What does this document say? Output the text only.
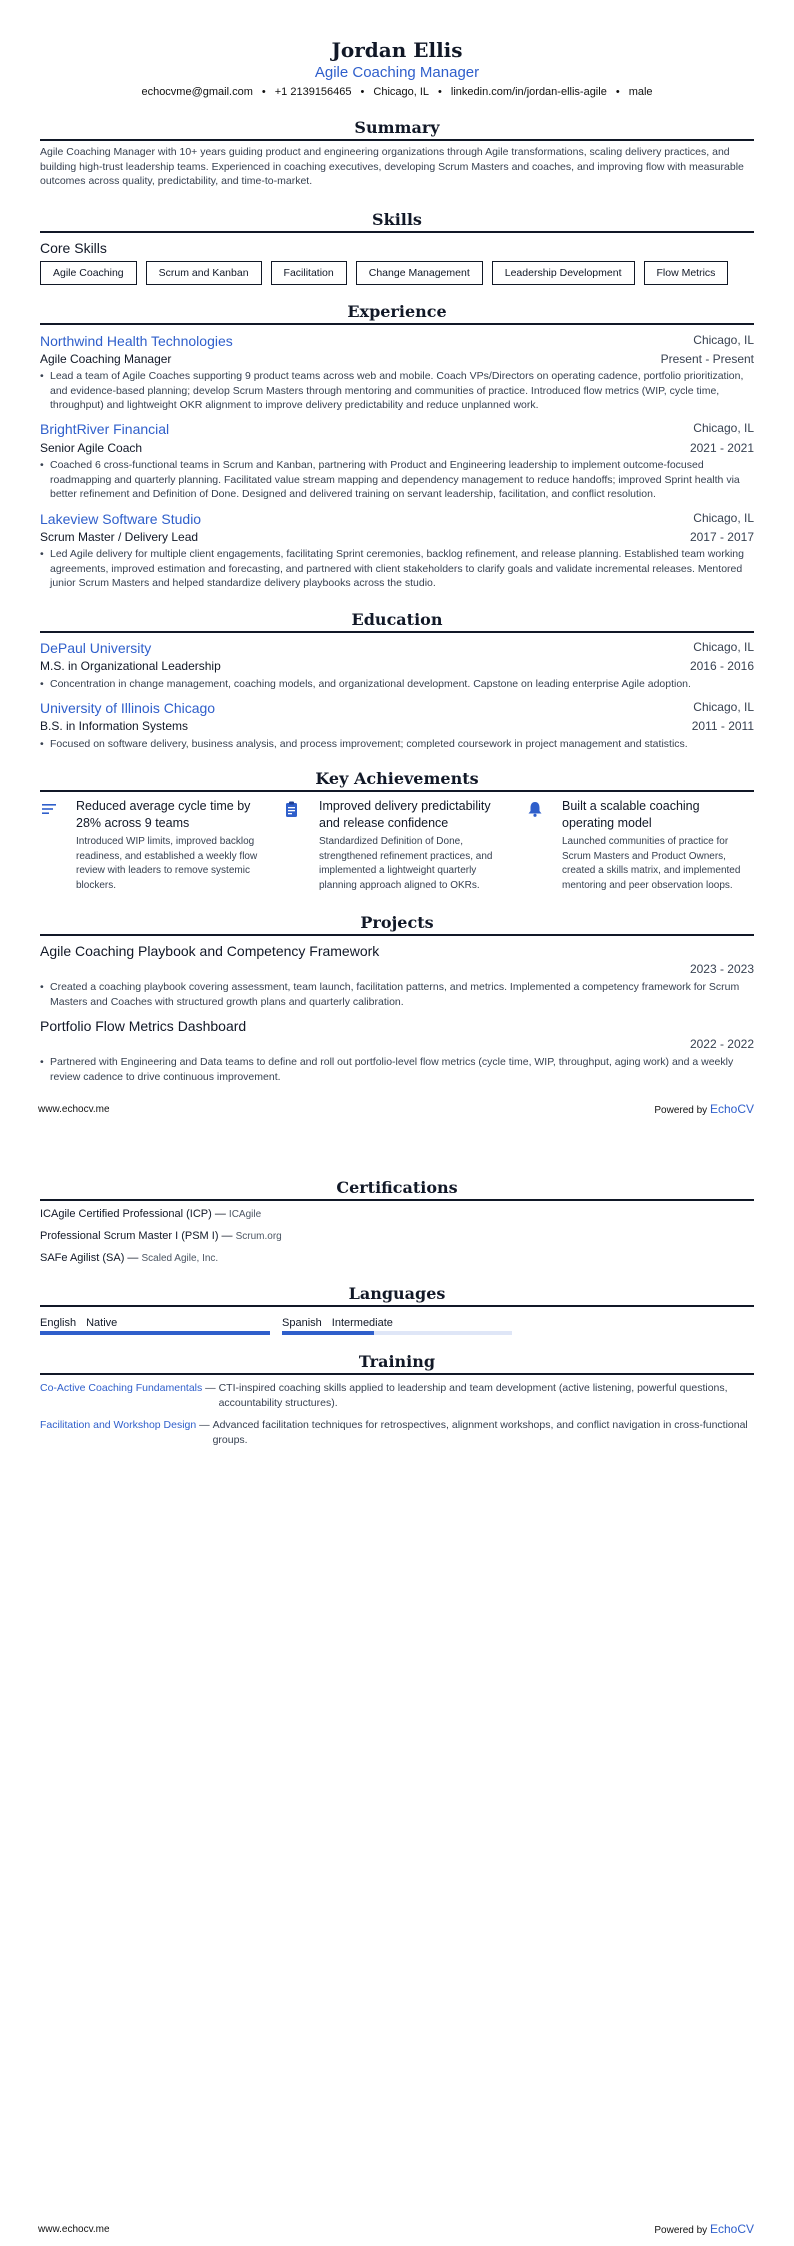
Jordan Ellis
Agile Coaching Manager
echocvme@gmail.com • +1 2139156465 • Chicago, IL • linkedin.com/in/jordan-ellis-agile • male
Summary
Agile Coaching Manager with 10+ years guiding product and engineering organizations through Agile transformations, scaling delivery practices, and building high-trust leadership teams. Experienced in coaching executives, developing Scrum Masters and coaches, and improving flow with measurable outcomes across quality, predictability, and time-to-market.
Skills
Core Skills
Agile Coaching	Scrum and Kanban	Facilitation	Change Management	Leadership Development	Flow Metrics
Experience
Northwind Health Technologies	Chicago, IL
Agile Coaching Manager	Present - Present
• Lead a team of Agile Coaches supporting 9 product teams across web and mobile. Coach VPs/Directors on operating cadence, portfolio prioritization, and evidence-based planning; develop Scrum Masters through mentoring and communities of practice. Introduced flow metrics (WIP, cycle time, throughput) and lightweight OKR alignment to improve delivery predictability and reduce unplanned work.
BrightRiver Financial	Chicago, IL
Senior Agile Coach	2021 - 2021
• Coached 6 cross-functional teams in Scrum and Kanban, partnering with Product and Engineering leadership to implement outcome-focused roadmapping and quarterly planning. Facilitated value stream mapping and dependency management to reduce handoffs; improved Sprint health via better refinement and Definition of Done. Designed and delivered training on servant leadership, facilitation, and conflict resolution.
Lakeview Software Studio	Chicago, IL
Scrum Master / Delivery Lead	2017 - 2017
• Led Agile delivery for multiple client engagements, facilitating Sprint ceremonies, backlog refinement, and release planning. Established team working agreements, improved estimation and forecasting, and partnered with client stakeholders to clarify goals and validate incremental releases. Mentored junior Scrum Masters and helped standardize delivery playbooks across the studio.
Education
DePaul University	Chicago, IL
M.S. in Organizational Leadership	2016 - 2016
• Concentration in change management, coaching models, and organizational development. Capstone on leading enterprise Agile adoption.
University of Illinois Chicago	Chicago, IL
B.S. in Information Systems	2011 - 2011
• Focused on software delivery, business analysis, and process improvement; completed coursework in project management and statistics.
Key Achievements
Reduced average cycle time by 28% across 9 teams
Introduced WIP limits, improved backlog readiness, and established a weekly flow review with leaders to remove systemic blockers.
Improved delivery predictability and release confidence
Standardized Definition of Done, strengthened refinement practices, and implemented a lightweight quarterly planning approach aligned to OKRs.
Built a scalable coaching operating model
Launched communities of practice for Scrum Masters and Product Owners, created a skills matrix, and implemented mentoring and peer observation loops.
Projects
Agile Coaching Playbook and Competency Framework
2023 - 2023
• Created a coaching playbook covering assessment, team launch, facilitation patterns, and metrics. Implemented a competency framework for Scrum Masters and Coaches with structured growth plans and quarterly calibration.
Portfolio Flow Metrics Dashboard
2022 - 2022
• Partnered with Engineering and Data teams to define and roll out portfolio-level flow metrics (cycle time, WIP, throughput, aging work) and a weekly review cadence to drive continuous improvement.
www.echocv.me	Powered by EchoCV
Certifications
ICAgile Certified Professional (ICP) — ICAgile
Professional Scrum Master I (PSM I) — Scrum.org
SAFe Agilist (SA) — Scaled Agile, Inc.
Languages
English Native	Spanish Intermediate
Training
Co-Active Coaching Fundamentals — CTI-inspired coaching skills applied to leadership and team development (active listening, powerful questions, accountability structures).
Facilitation and Workshop Design — Advanced facilitation techniques for retrospectives, alignment workshops, and conflict navigation in cross-functional groups.
www.echocv.me	Powered by EchoCV
